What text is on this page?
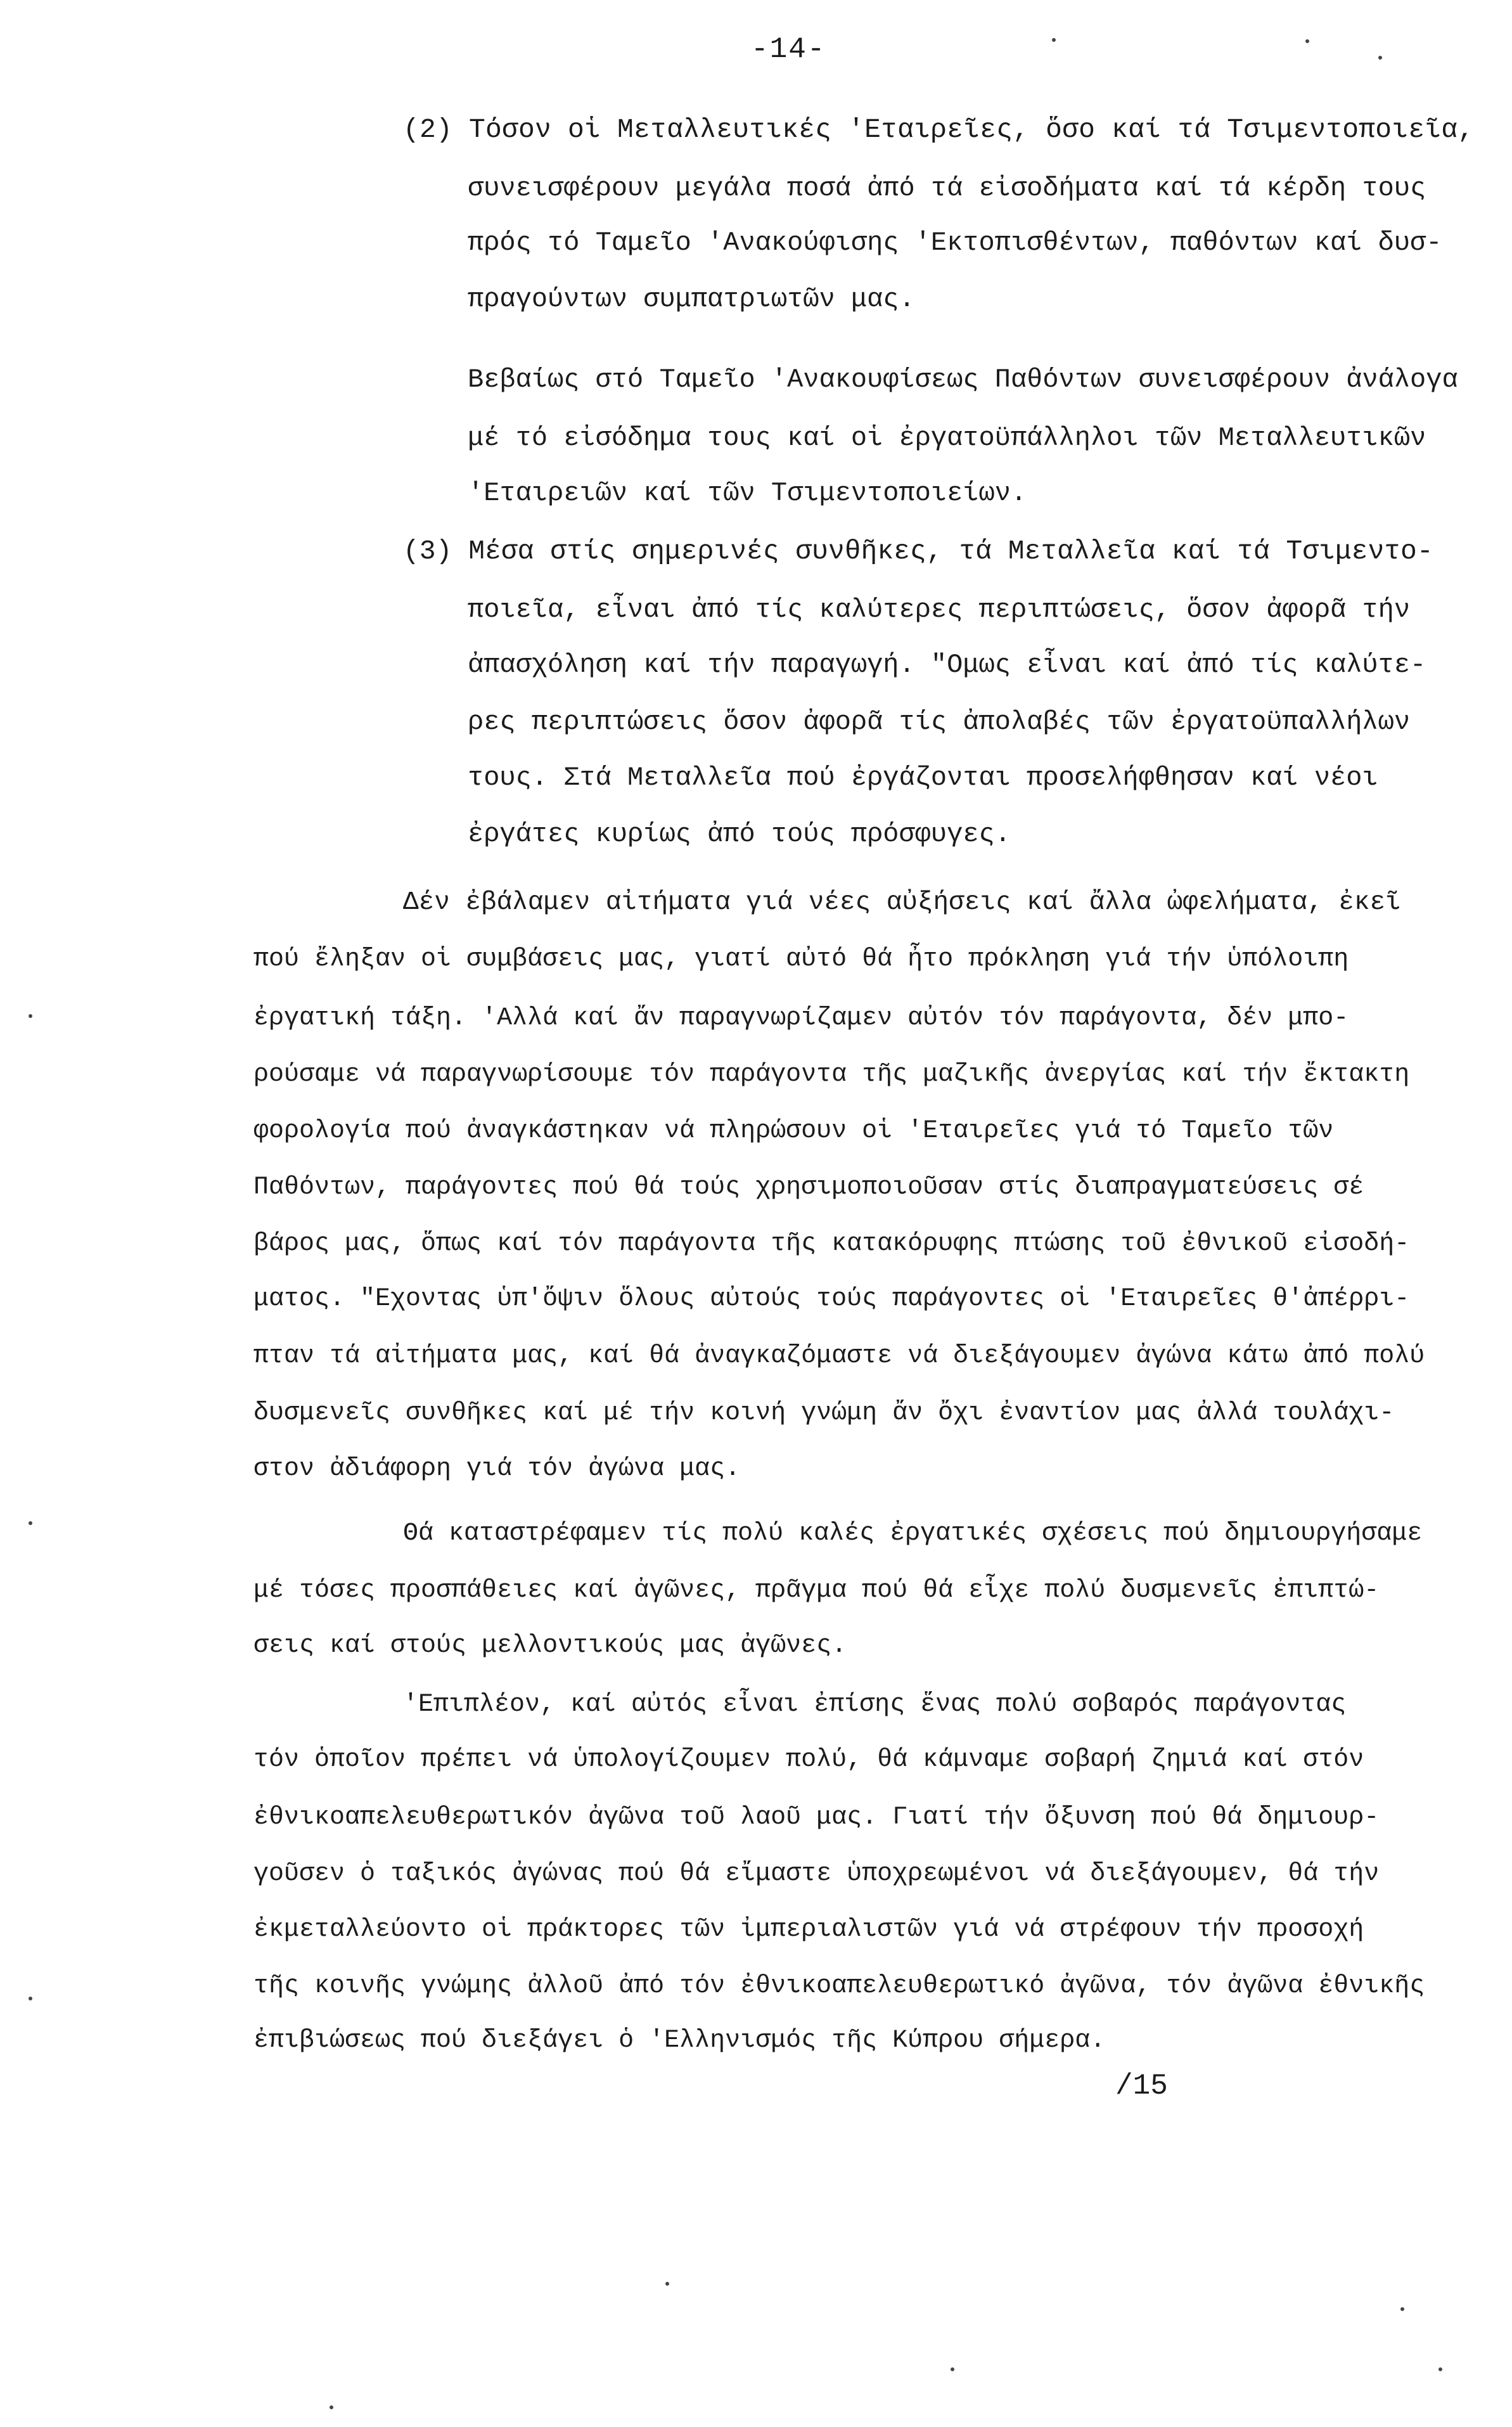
-14-
(2) Τόσον οἱ Μεταλλευτικές 'Εταιρεῖες, ὅσο καί τά Τσιμεντοποιεῖα,
συνεισφέρουν μεγάλα ποσά ἀπό τά εἰσοδήματα καί τά κέρδη τους
πρός τό Ταμεῖο 'Ανακούφισης 'Εκτοπισθέντων, παθόντων καί δυσ-
πραγούντων συμπατριωτῶν μας.
Βεβαίως στό Ταμεῖο 'Ανακουφίσεως Παθόντων συνεισφέρουν ἀνάλογα
μέ τό εἰσόδημα τους καί οἱ ἐργατοϋπάλληλοι τῶν Μεταλλευτικῶν
'Εταιρειῶν καί τῶν Τσιμεντοποιείων.
(3) Μέσα στίς σημερινές συνθῆκες, τά Μεταλλεῖα καί τά Τσιμεντο-
ποιεῖα, εἶναι ἀπό τίς καλύτερες περιπτώσεις, ὅσον ἀφορᾶ τήν
ἀπασχόληση καί τήν παραγωγή. "Ομως εἶναι καί ἀπό τίς καλύτε-
ρες περιπτώσεις ὅσον ἀφορᾶ τίς ἀπολαβές τῶν ἐργατοϋπαλλήλων
τους. Στά Μεταλλεῖα πού ἐργάζονται προσελήφθησαν καί νέοι
ἐργάτες κυρίως ἀπό τούς πρόσφυγες.
Δέν ἐβάλαμεν αἰτήματα γιά νέες αὐξήσεις καί ἄλλα ὠφελήματα, ἐκεῖ
πού ἔληξαν οἱ συμβάσεις μας, γιατί αὐτό θά ἦτο πρόκληση γιά τήν ὑπόλοιπη
ἐργατική τάξη. 'Αλλά καί ἄν παραγνωρίζαμεν αὐτόν τόν παράγοντα, δέν μπο-
ρούσαμε νά παραγνωρίσουμε τόν παράγοντα τῆς μαζικῆς ἀνεργίας καί τήν ἔκτακτη
φορολογία πού ἀναγκάστηκαν νά πληρώσουν οἱ 'Εταιρεῖες γιά τό Ταμεῖο τῶν
Παθόντων, παράγοντες πού θά τούς χρησιμοποιοῦσαν στίς διαπραγματεύσεις σέ
βάρος μας, ὅπως καί τόν παράγοντα τῆς κατακόρυφης πτώσης τοῦ ἐθνικοῦ εἰσοδή-
ματος. "Εχοντας ὑπ'ὄψιν ὅλους αὐτούς τούς παράγοντες οἱ 'Εταιρεῖες θ'ἀπέρρι-
πταν τά αἰτήματα μας, καί θά ἀναγκαζόμαστε νά διεξάγουμεν ἀγώνα κάτω ἀπό πολύ
δυσμενεῖς συνθῆκες καί μέ τήν κοινή γνώμη ἄν ὄχι ἐναντίον μας ἀλλά τουλάχι-
στον ἀδιάφορη γιά τόν ἀγώνα μας.
Θά καταστρέφαμεν τίς πολύ καλές ἐργατικές σχέσεις πού δημιουργήσαμε
μέ τόσες προσπάθειες καί ἀγῶνες, πρᾶγμα πού θά εἶχε πολύ δυσμενεῖς ἐπιπτώ-
σεις καί στούς μελλοντικούς μας ἀγῶνες.
'Επιπλέον, καί αὐτός εἶναι ἐπίσης ἕνας πολύ σοβαρός παράγοντας
τόν ὁποῖον πρέπει νά ὑπολογίζουμεν πολύ, θά κάμναμε σοβαρή ζημιά καί στόν
ἐθνικοαπελευθερωτικόν ἀγῶνα τοῦ λαοῦ μας. Γιατί τήν ὄξυνση πού θά δημιουρ-
γοῦσεν ὁ ταξικός ἀγώνας πού θά εἴμαστε ὑποχρεωμένοι νά διεξάγουμεν, θά τήν
ἐκμεταλλεύοντο οἱ πράκτορες τῶν ἰμπεριαλιστῶν γιά νά στρέφουν τήν προσοχή
τῆς κοινῆς γνώμης ἀλλοῦ ἀπό τόν ἐθνικοαπελευθερωτικό ἀγῶνα, τόν ἀγῶνα ἐθνικῆς
ἐπιβιώσεως πού διεξάγει ὁ 'Ελληνισμός τῆς Κύπρου σήμερα.
/15
